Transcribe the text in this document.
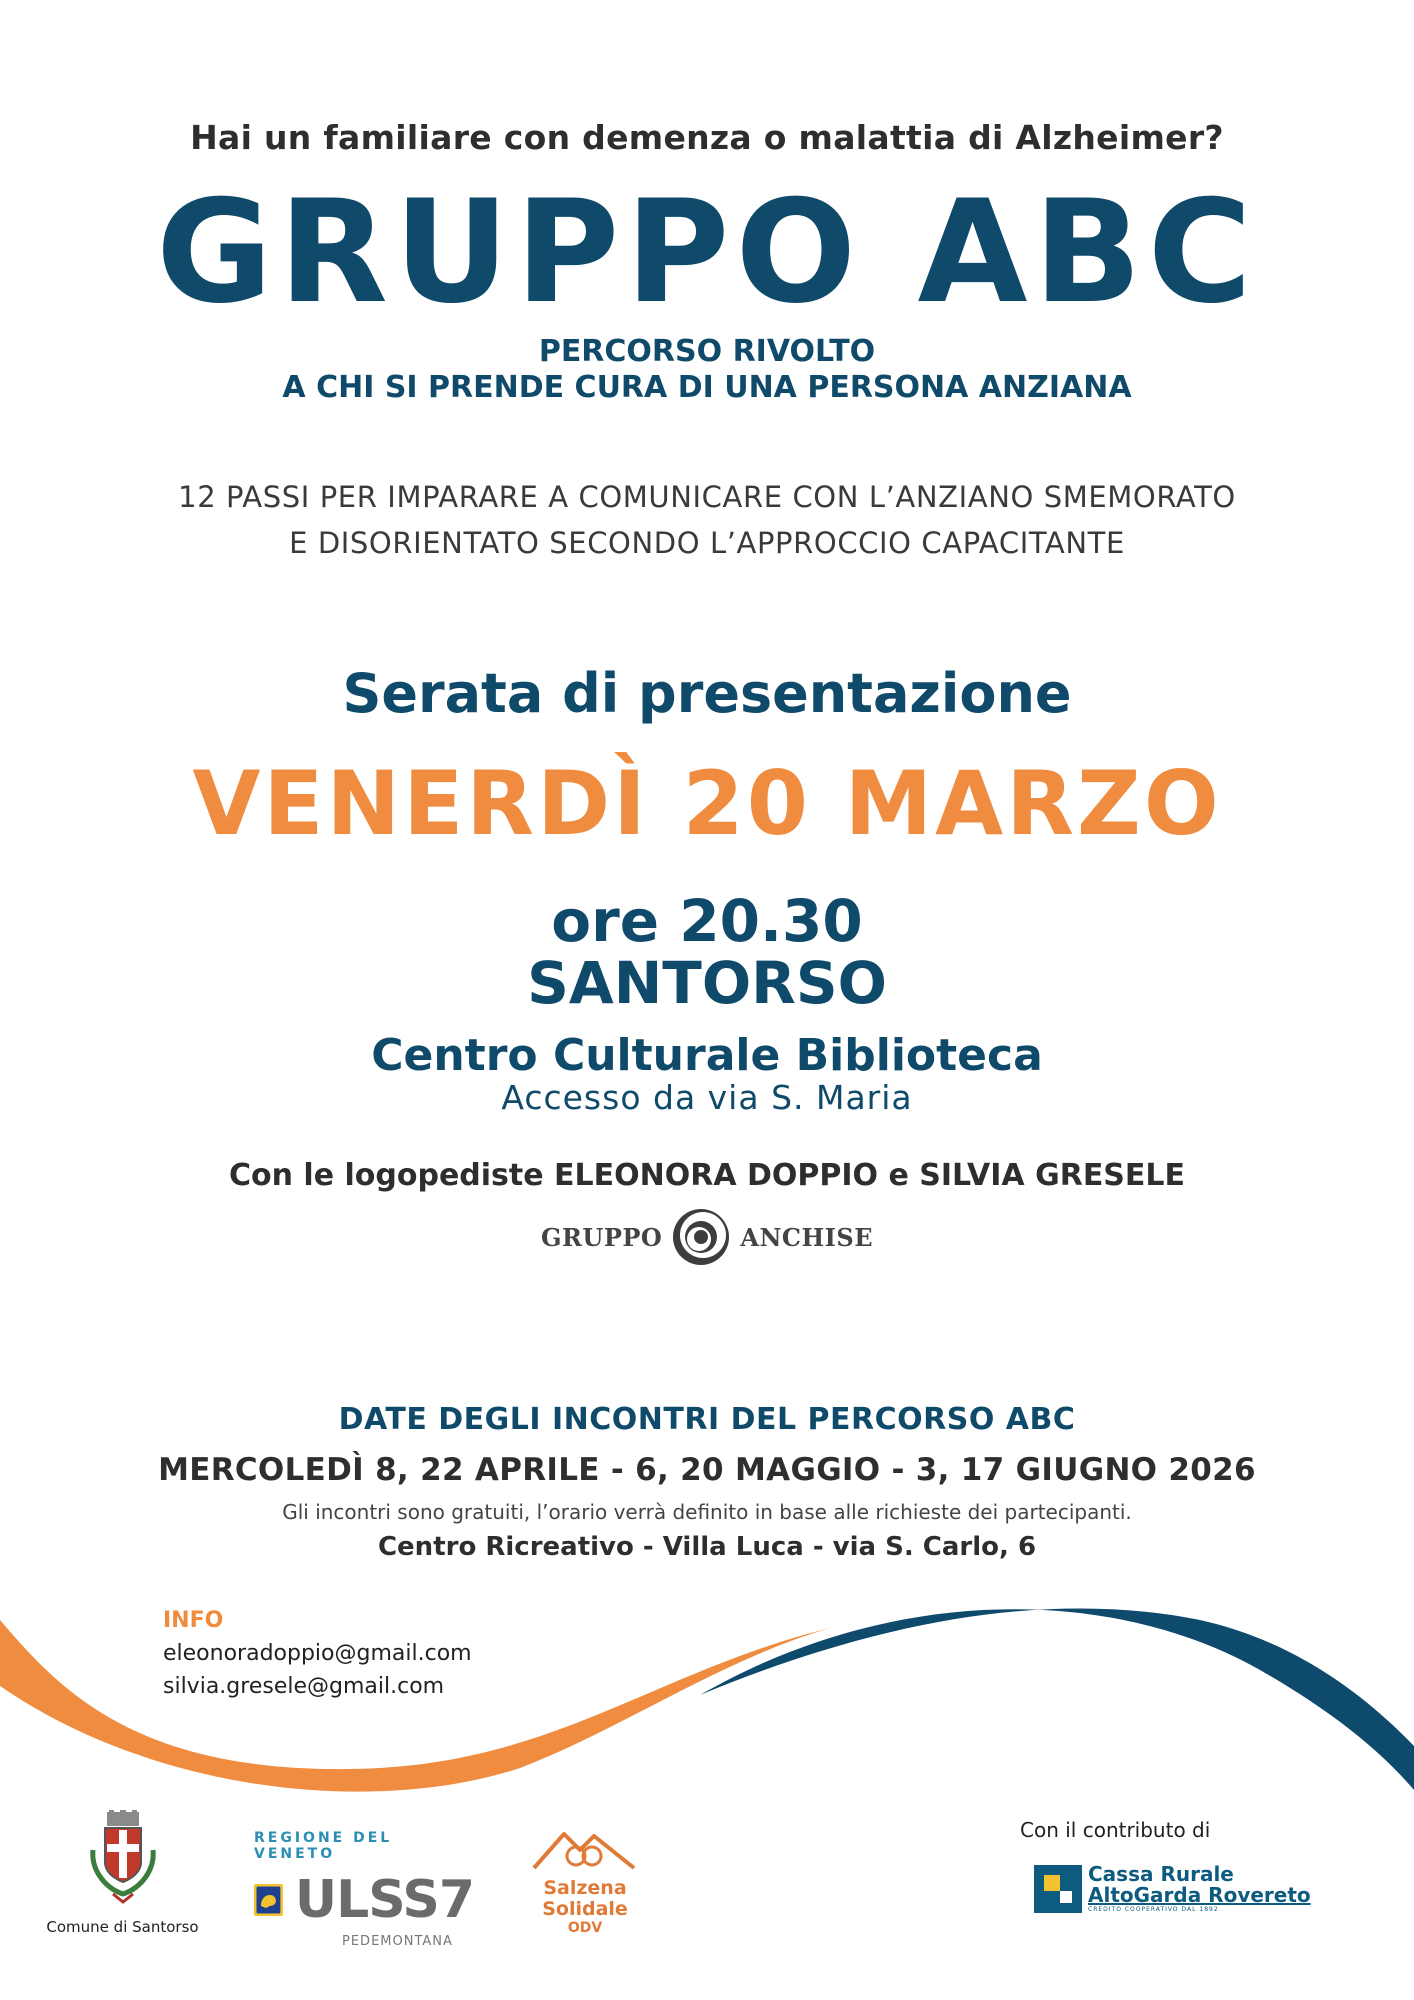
Hai un familiare con demenza o malattia di Alzheimer?
GRUPPO ABC
PERCORSO RIVOLTO
A CHI SI PRENDE CURA DI UNA PERSONA ANZIANA
12 PASSI PER IMPARARE A COMUNICARE CON L’ANZIANO SMEMORATO
E DISORIENTATO SECONDO L’APPROCCIO CAPACITANTE
Serata di presentazione
VENERDÌ 20 MARZO
ore 20.30
SANTORSO
Centro Culturale Biblioteca
Accesso da via S. Maria
Con le logopediste ELEONORA DOPPIO e SILVIA GRESELE
GRUPPO	ANCHISE
DATE DEGLI INCONTRI DEL PERCORSO ABC
MERCOLEDÌ 8, 22 APRILE - 6, 20 MAGGIO - 3, 17 GIUGNO 2026
Gli incontri sono gratuiti, l’orario verrà definito in base alle richieste dei partecipanti.
Centro Ricreativo - Villa Luca - via S. Carlo, 6
INFO
eleonoradoppio@gmail.com
silvia.gresele@gmail.com
Comune di Santorso
REGIONE DEL VENETO
ULSS7
PEDEMONTANA
Salzena
Solidale
ODV
Con il contributo di
Cassa Rurale
AltoGarda Rovereto
CREDITO COOPERATIVO DAL 1892
